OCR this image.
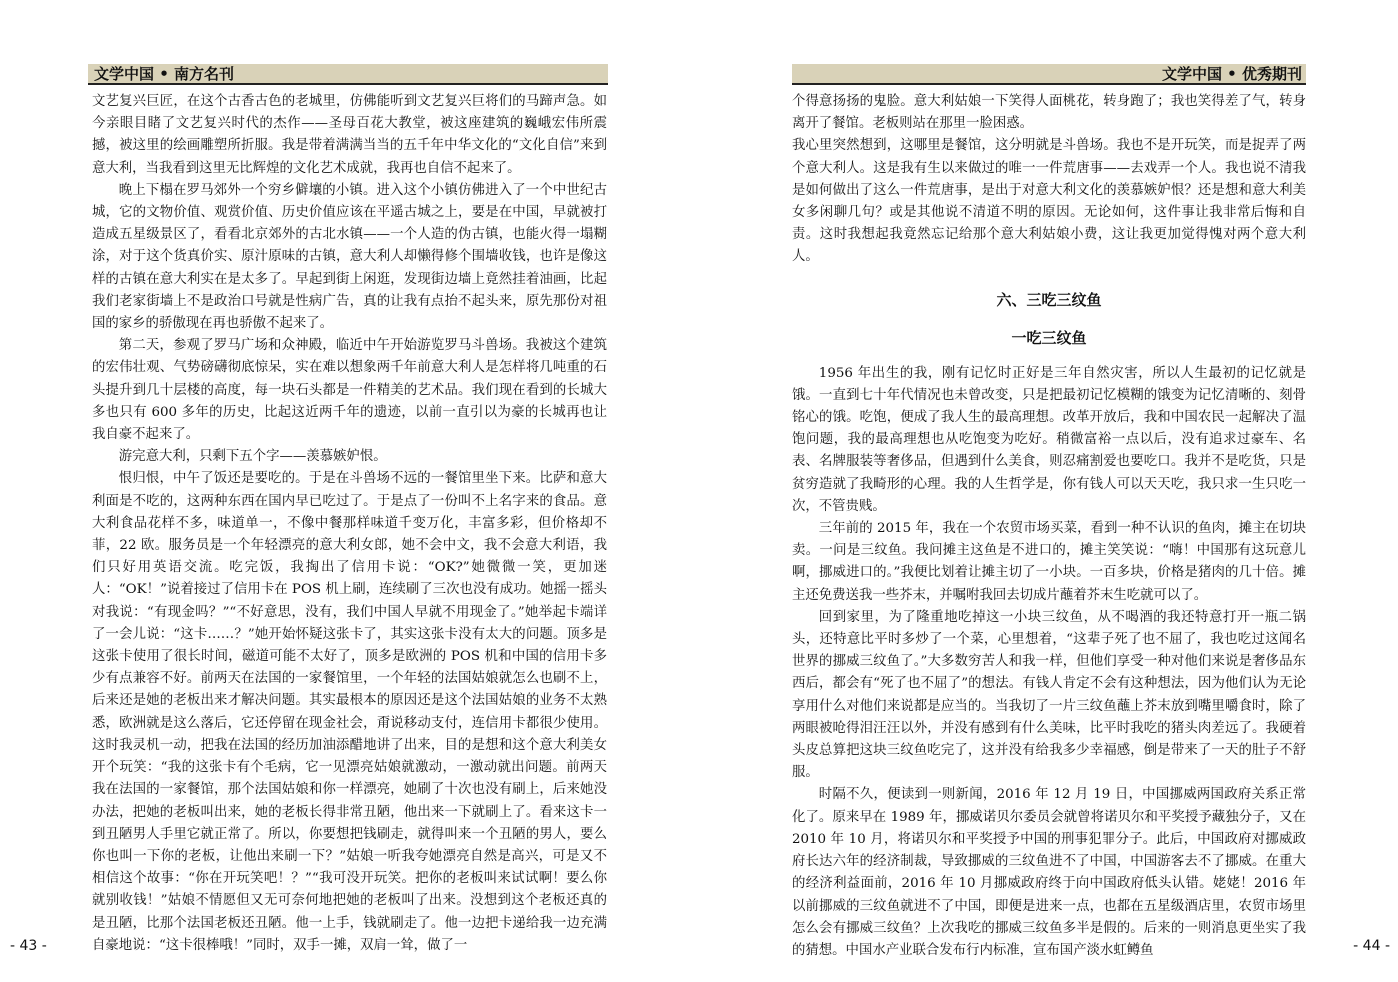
文学中国 • 南方名刊

文艺复兴巨匠，在这个古香古色的老城里，仿佛能听到文艺复兴巨将们的马蹄声急。如今亲眼目睹了文艺复兴时代的杰作——圣母百花大教堂，被这座建筑的巍峨宏伟所震撼，被这里的绘画雕塑所折服。我是带着满满当当的五千年中华文化的“文化自信”来到意大利，当我看到这里无比辉煌的文化艺术成就，我再也自信不起来了。

晚上下榻在罗马郊外一个穷乡僻壤的小镇。进入这个小镇仿佛进入了一个中世纪古城，它的文物价值、观赏价值、历史价值应该在平遥古城之上，要是在中国，早就被打造成五星级景区了，看看北京郊外的古北水镇——一个人造的伪古镇，也能火得一塌糊涂，对于这个货真价实、原汁原味的古镇，意大利人却懒得修个围墙收钱，也许是像这样的古镇在意大利实在是太多了。早起到街上闲逛，发现街边墙上竟然挂着油画，比起我们老家街墙上不是政治口号就是性病广告，真的让我有点抬不起头来，原先那份对祖国的家乡的骄傲现在再也骄傲不起来了。

第二天，参观了罗马广场和众神殿，临近中午开始游览罗马斗兽场。我被这个建筑的宏伟壮观、气势磅礴彻底惊呆，实在难以想象两千年前意大利人是怎样将几吨重的石头提升到几十层楼的高度，每一块石头都是一件精美的艺术品。我们现在看到的长城大多也只有 600 多年的历史，比起这近两千年的遗迹，以前一直引以为豪的长城再也让我自豪不起来了。

游完意大利，只剩下五个字——羡慕嫉妒恨。

恨归恨，中午了饭还是要吃的。于是在斗兽场不远的一餐馆里坐下来。比萨和意大利面是不吃的，这两种东西在国内早已吃过了。于是点了一份叫不上名字来的食品。意大利食品花样不多，味道单一，不像中餐那样味道千变万化，丰富多彩，但价格却不菲，22 欧。服务员是一个年轻漂亮的意大利女郎，她不会中文，我不会意大利语，我们只好用英语交流。吃完饭，我掏出了信用卡说：“OK?”她微微一笑，更加迷人：“OK！”说着接过了信用卡在 POS 机上刷，连续刷了三次也没有成功。她摇一摇头对我说：“有现金吗？”“不好意思，没有，我们中国人早就不用现金了。”她举起卡端详了一会儿说：“这卡……？”她开始怀疑这张卡了，其实这张卡没有太大的问题。顶多是这张卡使用了很长时间，磁道可能不太好了，顶多是欧洲的 POS 机和中国的信用卡多少有点兼容不好。前两天在法国的一家餐馆里，一个年轻的法国姑娘就怎么也刷不上，后来还是她的老板出来才解决问题。其实最根本的原因还是这个法国姑娘的业务不太熟悉，欧洲就是这么落后，它还停留在现金社会，甭说移动支付，连信用卡都很少使用。这时我灵机一动，把我在法国的经历加油添醋地讲了出来，目的是想和这个意大利美女开个玩笑：“我的这张卡有个毛病，它一见漂亮姑娘就激动，一激动就出问题。前两天我在法国的一家餐馆，那个法国姑娘和你一样漂亮，她刷了十次也没有刷上，后来她没办法，把她的老板叫出来，她的老板长得非常丑陋，他出来一下就刷上了。看来这卡一到丑陋男人手里它就正常了。所以，你要想把钱刷走，就得叫来一个丑陋的男人，要么你也叫一下你的老板，让他出来刷一下？”姑娘一听我夸她漂亮自然是高兴，可是又不相信这个故事：“你在开玩笑吧！？”“我可没开玩笑。把你的老板叫来试试啊！要么你就别收钱！”姑娘不情愿但又无可奈何地把她的老板叫了出来。没想到这个老板还真的是丑陋，比那个法国老板还丑陋。他一上手，钱就刷走了。他一边把卡递给我一边充满自豪地说：“这卡很棒哦！”同时，双手一摊，双肩一耸，做了一

- 43 -
文学中国 • 优秀期刊

个得意扬扬的鬼脸。意大利姑娘一下笑得人面桃花，转身跑了；我也笑得差了气，转身离开了餐馆。老板则站在那里一脸困惑。

我心里突然想到，这哪里是餐馆，这分明就是斗兽场。我也不是开玩笑，而是捉弄了两个意大利人。这是我有生以来做过的唯一一件荒唐事——去戏弄一个人。我也说不清我是如何做出了这么一件荒唐事，是出于对意大利文化的羡慕嫉妒恨？还是想和意大利美女多闲聊几句？或是其他说不清道不明的原因。无论如何，这件事让我非常后悔和自责。这时我想起我竟然忘记给那个意大利姑娘小费，这让我更加觉得愧对两个意大利人。

六、三吃三纹鱼
一吃三纹鱼

1956 年出生的我，刚有记忆时正好是三年自然灾害，所以人生最初的记忆就是饿。一直到七十年代情况也未曾改变，只是把最初记忆模糊的饿变为记忆清晰的、刻骨铭心的饿。吃饱，便成了我人生的最高理想。改革开放后，我和中国农民一起解决了温饱问题，我的最高理想也从吃饱变为吃好。稍微富裕一点以后，没有追求过豪车、名表、名牌服装等奢侈品，但遇到什么美食，则忍痛割爱也要吃口。我并不是吃货，只是贫穷造就了我畸形的心理。我的人生哲学是，你有钱人可以天天吃，我只求一生只吃一次，不管贵贱。

三年前的 2015 年，我在一个农贸市场买菜，看到一种不认识的鱼肉，摊主在切块卖。一问是三纹鱼。我问摊主这鱼是不进口的，摊主笑笑说：“嗨！中国那有这玩意儿啊，挪威进口的。”我便比划着让摊主切了一小块。一百多块，价格是猪肉的几十倍。摊主还免费送我一些芥末，并嘱咐我回去切成片蘸着芥末生吃就可以了。

回到家里，为了隆重地吃掉这一小块三纹鱼，从不喝酒的我还特意打开一瓶二锅头，还特意比平时多炒了一个菜，心里想着，“这辈子死了也不屈了，我也吃过这闻名世界的挪威三纹鱼了。”大多数穷苦人和我一样，但他们享受一种对他们来说是奢侈品东西后，都会有“死了也不屈了”的想法。有钱人肯定不会有这种想法，因为他们认为无论享用什么对他们来说都是应当的。当我切了一片三纹鱼蘸上芥末放到嘴里嚼食时，除了两眼被呛得泪汪汪以外，并没有感到有什么美味，比平时我吃的猪头肉差远了。我硬着头皮总算把这块三纹鱼吃完了，这并没有给我多少幸福感，倒是带来了一天的肚子不舒服。

时隔不久，便读到一则新闻，2016 年 12 月 19 日，中国挪威两国政府关系正常化了。原来早在 1989 年，挪威诺贝尔委员会就曾将诺贝尔和平奖授予藏独分子，又在 2010 年 10 月，将诺贝尔和平奖授予中国的刑事犯罪分子。此后，中国政府对挪威政府长达六年的经济制裁，导致挪威的三纹鱼进不了中国，中国游客去不了挪威。在重大的经济利益面前，2016 年 10 月挪威政府终于向中国政府低头认错。姥姥！2016 年以前挪威的三纹鱼就进不了中国，即便是进来一点，也都在五星级酒店里，农贸市场里怎么会有挪威三纹鱼？上次我吃的挪威三纹鱼多半是假的。后来的一则消息更坐实了我的猜想。中国水产业联合发布行内标准，宣布国产淡水虹鳟鱼	- 44 -
